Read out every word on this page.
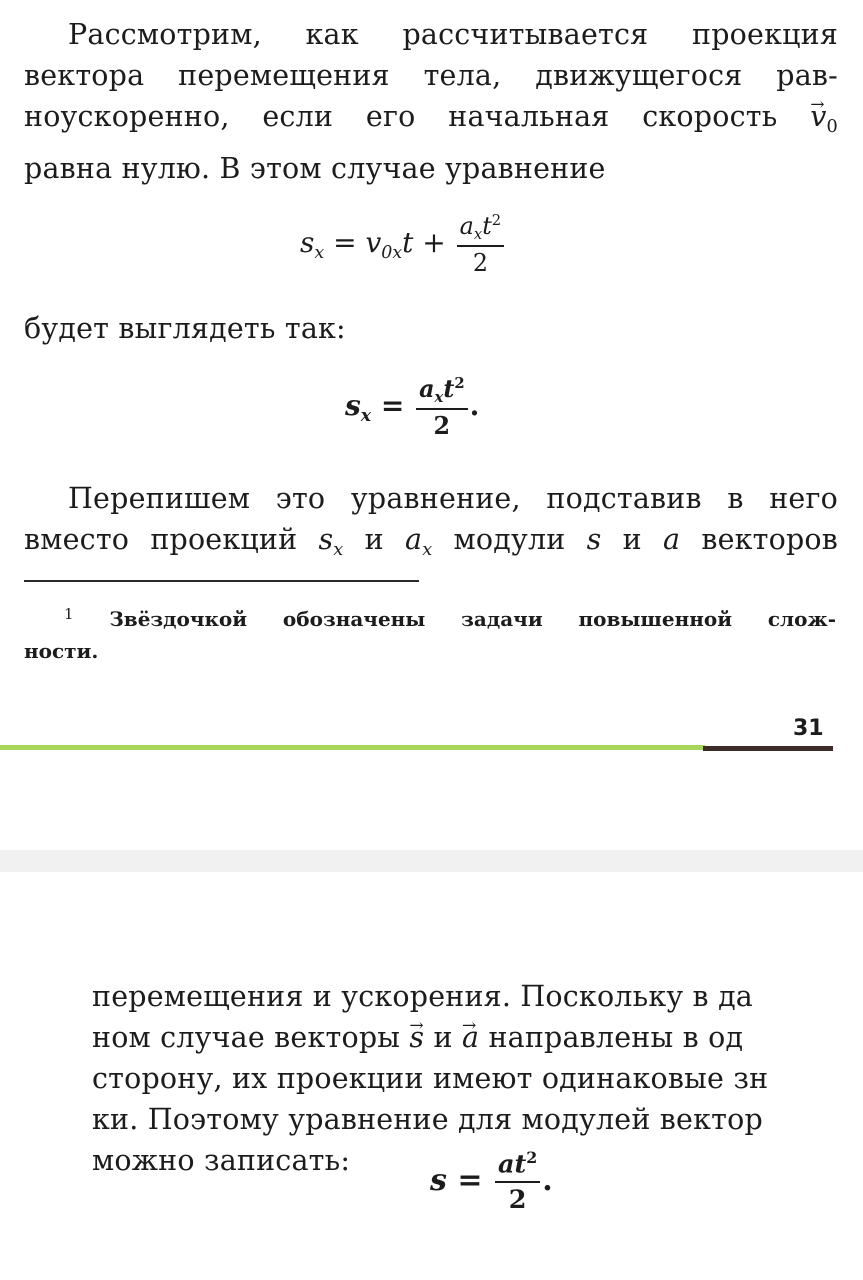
Рассмотрим, как рассчитывается проекция
вектора перемещения тела, движущегося рав-
ноускоренно, если его начальная скорость → $v_0$
равна нулю. В этом случае уравнение

$s_x = v_{0x}t + \frac{a_xt^2}{2}$

будет выглядеть так:

$s_x = \frac{a_xt^2}{2}$ .

Перепишем это уравнение, подставив в него
вместо проекций $s_x$ и $a_x$ модули s и a векторов

$^1$ Звёздочкой обозначены задачи повышенной слож-
ности.

31

перемещения и ускорения. Поскольку в да
ном случае векторы → s и → a направлены в од
сторону, их проекции имеют одинаковые зн
ки. Поэтому уравнение для модулей вектор
можно записать:

$s = \frac{at^2}{2}$ .
